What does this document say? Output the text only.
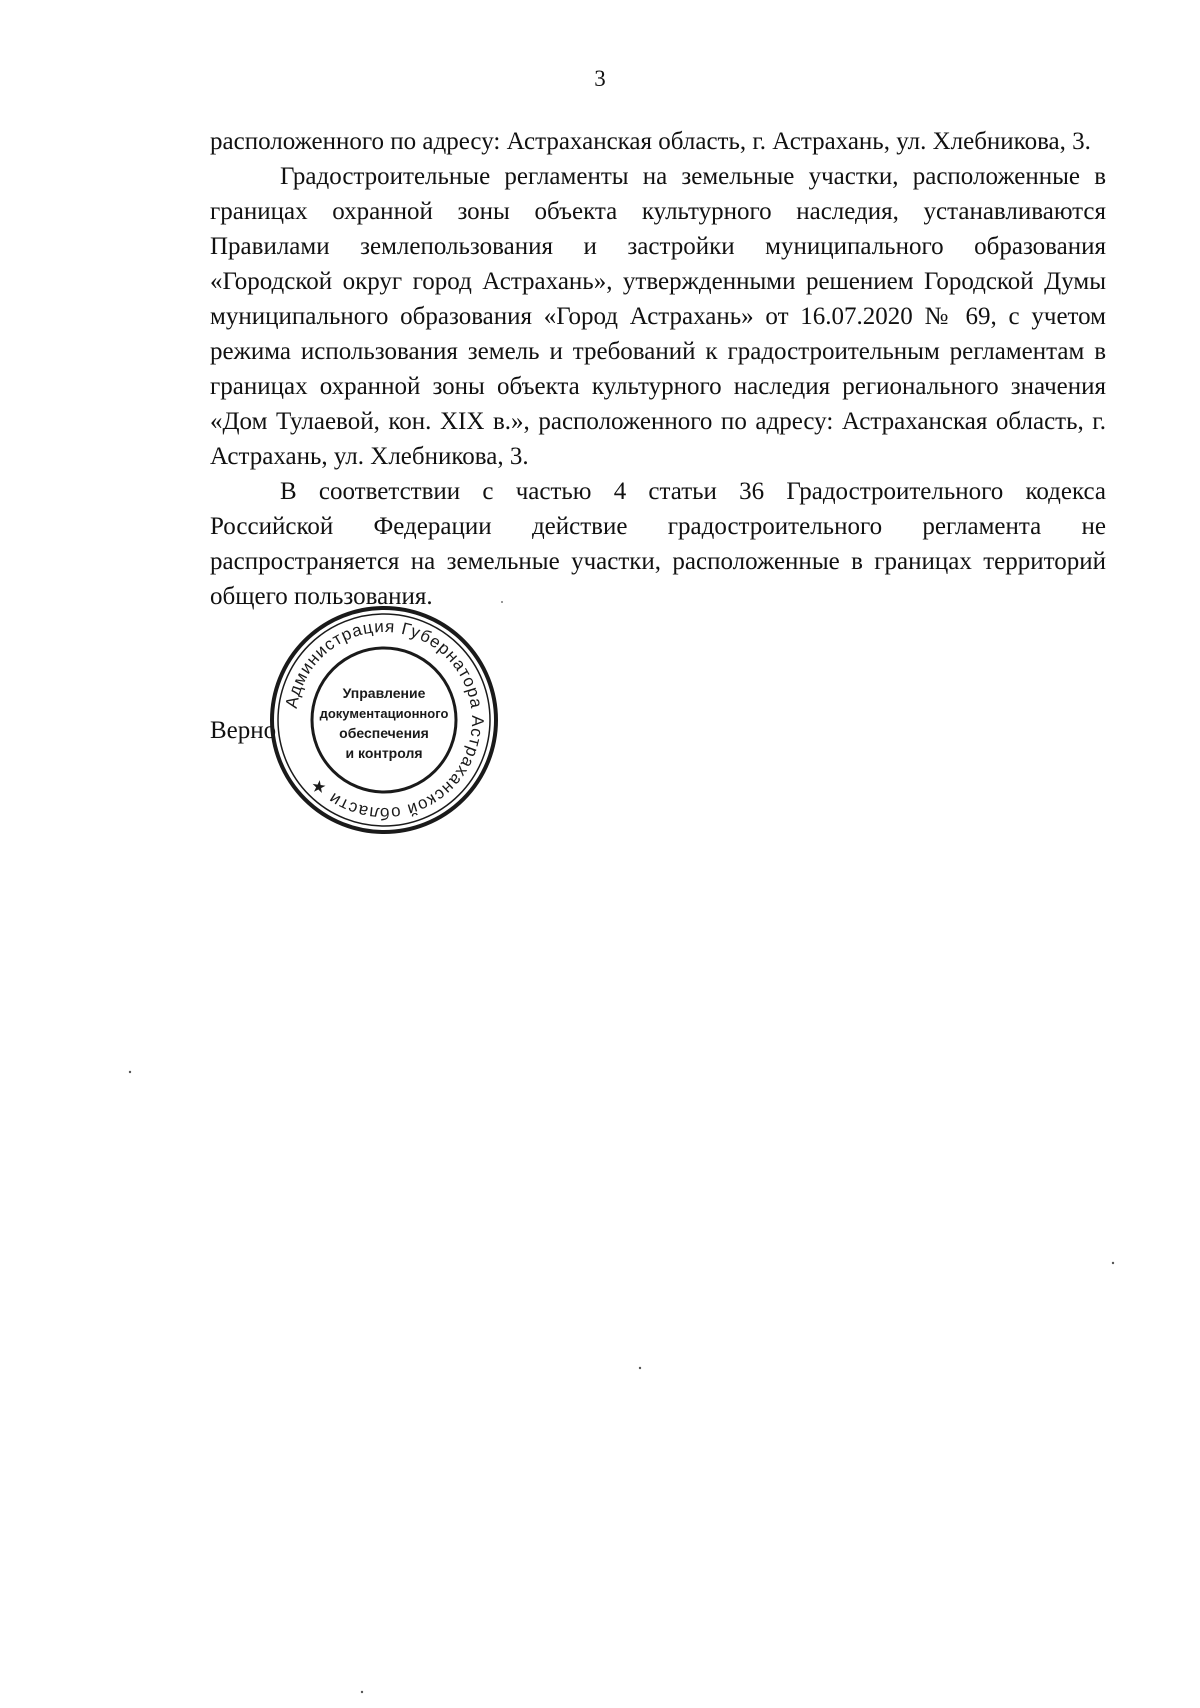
3

расположенного по адресу: Астраханская область, г. Астрахань, ул. Хлебникова, 3.

Градостроительные регламенты на земельные участки, расположенные в границах охранной зоны объекта культурного наследия, устанавливаются Правилами землепользования и застройки муниципального образования «Городской округ город Астрахань», утвержденными решением Городской Думы муниципального образования «Город Астрахань» от 16.07.2020 № 69, с учетом режима использования земель и требований к градостроительным регламентам в границах охранной зоны объекта культурного наследия регионального значения «Дом Тулаевой, кон. XIX в.», расположенного по адресу: Астраханская область, г. Астрахань, ул. Хлебникова, 3.

В соответствии с частью 4 статьи 36 Градостроительного кодекса Российской Федерации действие градостроительного регламента не распространяется на земельные участки, расположенные в границах территорий общего пользования.

Верно
Администрация Губернатора Астраханской области ★
Управление
документационного
обеспечения
и контроля
